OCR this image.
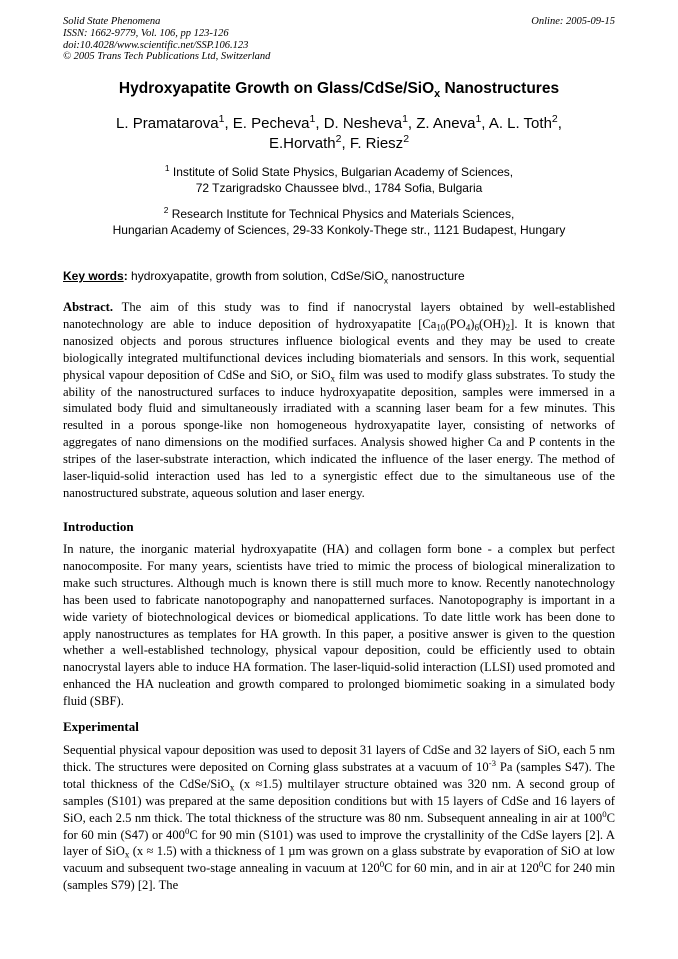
Solid State Phenomena
ISSN: 1662-9779, Vol. 106, pp 123-126
doi:10.4028/www.scientific.net/SSP.106.123
© 2005 Trans Tech Publications Ltd, Switzerland
Online: 2005-09-15
Hydroxyapatite Growth on Glass/CdSe/SiO$_x$ Nanostructures
L. Pramatarova$^1$, E. Pecheva$^1$, D. Nesheva$^1$, Z. Aneva$^1$, A. L. Toth$^2$,
E.Horvath$^2$, F. Riesz$^2$
$^1$ Institute of Solid State Physics, Bulgarian Academy of Sciences,
72 Tzarigradsko Chaussee blvd., 1784 Sofia, Bulgaria
$^2$ Research Institute for Technical Physics and Materials Sciences,
Hungarian Academy of Sciences, 29-33 Konkoly-Thege str., 1121 Budapest, Hungary
Key words: hydroxyapatite, growth from solution, CdSe/SiO$_x$ nanostructure
Abstract. The aim of this study was to find if nanocrystal layers obtained by well-established nanotechnology are able to induce deposition of hydroxyapatite [Ca10(PO4)6(OH)2]. It is known that nanosized objects and porous structures influence biological events and they may be used to create biologically integrated multifunctional devices including biomaterials and sensors. In this work, sequential physical vapour deposition of CdSe and SiO, or SiOx film was used to modify glass substrates. To study the ability of the nanostructured surfaces to induce hydroxyapatite deposition, samples were immersed in a simulated body fluid and simultaneously irradiated with a scanning laser beam for a few minutes. This resulted in a porous sponge-like non homogeneous hydroxyapatite layer, consisting of networks of aggregates of nano dimensions on the modified surfaces. Analysis showed higher Ca and P contents in the stripes of the laser-substrate interaction, which indicated the influence of the laser energy. The method of laser-liquid-solid interaction used has led to a synergistic effect due to the simultaneous use of the nanostructured substrate, aqueous solution and laser energy.
Introduction
In nature, the inorganic material hydroxyapatite (HA) and collagen form bone - a complex but perfect nanocomposite. For many years, scientists have tried to mimic the process of biological mineralization to make such structures. Although much is known there is still much more to know. Recently nanotechnology has been used to fabricate nanotopography and nanopatterned surfaces. Nanotopography is important in a wide variety of biotechnological devices or biomedical applications. To date little work has been done to apply nanostructures as templates for HA growth. In this paper, a positive answer is given to the question whether a well-established technology, physical vapour deposition, could be efficiently used to obtain nanocrystal layers able to induce HA formation. The laser-liquid-solid interaction (LLSI) used promoted and enhanced the HA nucleation and growth compared to prolonged biomimetic soaking in a simulated body fluid (SBF).
Experimental
Sequential physical vapour deposition was used to deposit 31 layers of CdSe and 32 layers of SiO, each 5 nm thick. The structures were deposited on Corning glass substrates at a vacuum of $10^{-3}$ Pa (samples S47). The total thickness of the CdSe/SiOx (x ≈1.5) multilayer structure obtained was 320 nm. A second group of samples (S101) was prepared at the same deposition conditions but with 15 layers of CdSe and 16 layers of SiO, each 2.5 nm thick. The total thickness of the structure was 80 nm. Subsequent annealing in air at $100^0C$ for 60 min (S47) or $400^0C$ for 90 min (S101) was used to improve the crystallinity of the CdSe layers [2]. A layer of SiOx (x ≈ 1.5) with a thickness of 1 µm was grown on a glass substrate by evaporation of SiO at low vacuum and subsequent two-stage annealing in vacuum at $120^0C$ for 60 min, and in air at $120^0C$ for 240 min (samples S79) [2]. The
